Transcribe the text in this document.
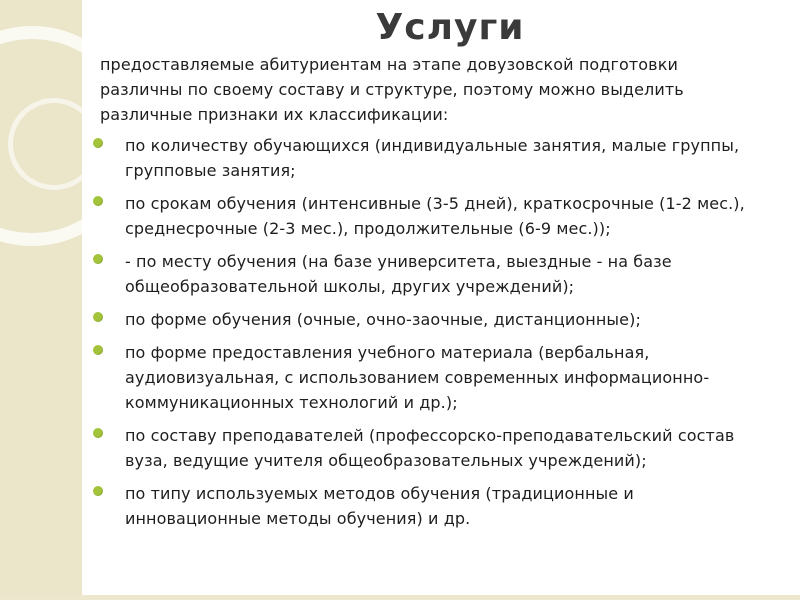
Услуги

предоставляемые абитуриентам на этапе довузовской подготовки различны по своему составу и структуре, поэтому можно выделить различные признаки их классификации:

по количеству обучающихся (индивидуальные занятия, малые группы, групповые занятия;
по срокам обучения (интенсивные (3-5 дней), краткосрочные (1-2 мес.), среднесрочные (2-3 мес.), продолжительные (6-9 мес.));
- по месту обучения (на базе университета, выездные - на базе общеобразовательной школы, других учреждений);
по форме обучения (очные, очно-заочные, дистанционные);
по форме предоставления учебного материала (вербальная, аудиовизуальная, с использованием современных информационно-коммуникационных технологий и др.);
по составу преподавателей (профессорско-преподавательский состав вуза, ведущие учителя общеобразовательных учреждений);
по типу используемых методов обучения (традиционные и инновационные методы обучения) и др.
